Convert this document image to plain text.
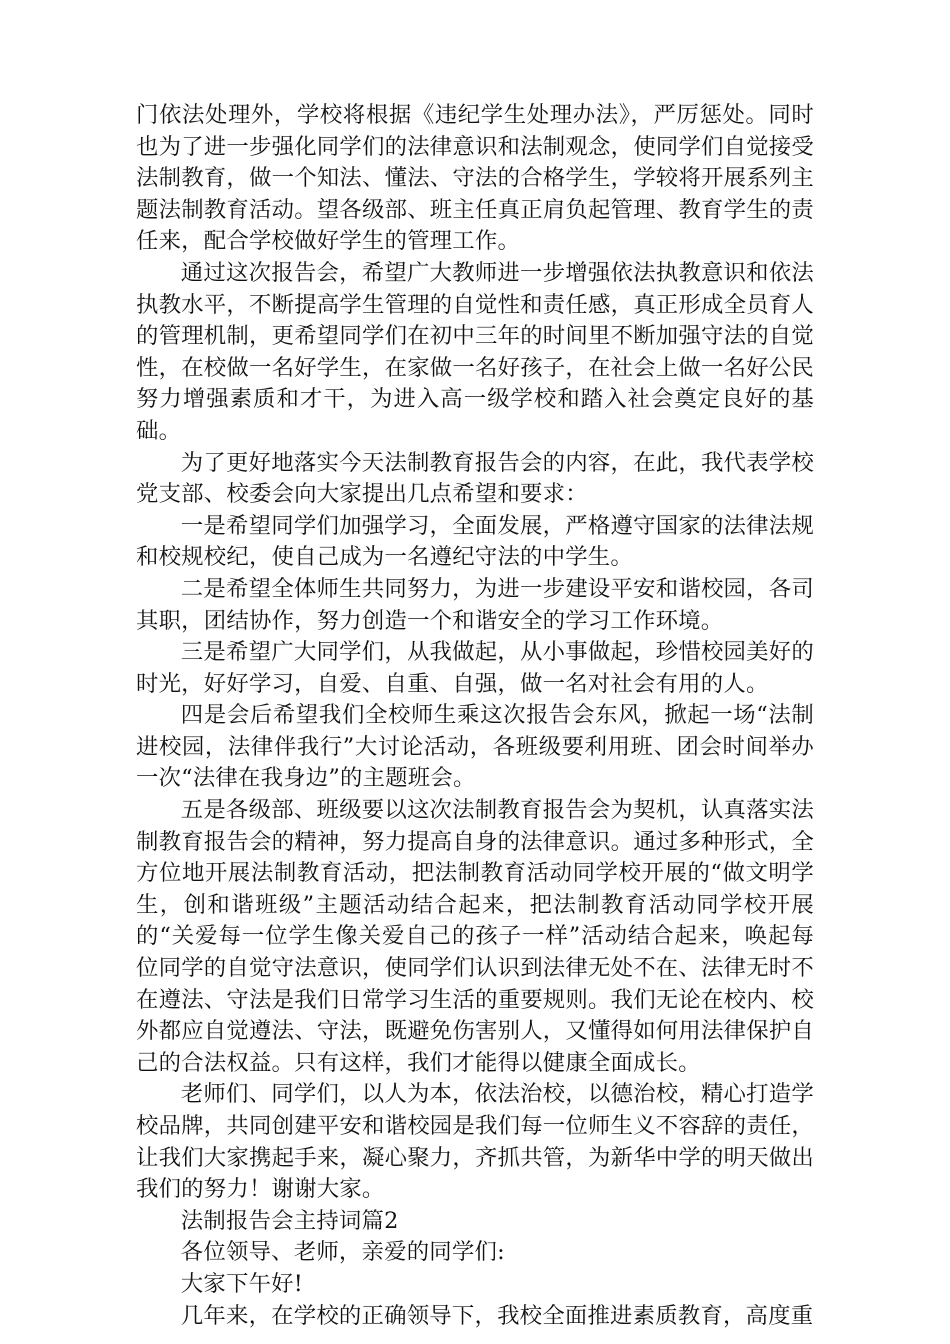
门依法处理外，学校将根据《违纪学生处理办法》，严厉惩处。同时也为了进一步强化同学们的法律意识和法制观念，使同学们自觉接受法制教育，做一个知法、懂法、守法的合格学生，学较将开展系列主题法制教育活动。望各级部、班主任真正肩负起管理、教育学生的责任来，配合学校做好学生的管理工作。

通过这次报告会，希望广大教师进一步增强依法执教意识和依法执教水平，不断提高学生管理的自觉性和责任感，真正形成全员育人的管理机制，更希望同学们在初中三年的时间里不断加强守法的自觉性，在校做一名好学生，在家做一名好孩子，在社会上做一名好公民努力增强素质和才干，为进入高一级学校和踏入社会奠定良好的基础。

为了更好地落实今天法制教育报告会的内容，在此，我代表学校党支部、校委会向大家提出几点希望和要求：

一是希望同学们加强学习，全面发展，严格遵守国家的法律法规和校规校纪，使自己成为一名遵纪守法的中学生。

二是希望全体师生共同努力，为进一步建设平安和谐校园，各司其职，团结协作，努力创造一个和谐安全的学习工作环境。

三是希望广大同学们，从我做起，从小事做起，珍惜校园美好的时光，好好学习，自爱、自重、自强，做一名对社会有用的人。

四是会后希望我们全校师生乘这次报告会东风，掀起一场“法制进校园，法律伴我行”大讨论活动，各班级要利用班、团会时间举办一次“法律在我身边”的主题班会。

五是各级部、班级要以这次法制教育报告会为契机，认真落实法制教育报告会的精神，努力提高自身的法律意识。通过多种形式，全方位地开展法制教育活动，把法制教育活动同学校开展的“做文明学生，创和谐班级”主题活动结合起来，把法制教育活动同学校开展的“关爱每一位学生像关爱自己的孩子一样”活动结合起来，唤起每位同学的自觉守法意识，使同学们认识到法律无处不在、法律无时不在遵法、守法是我们日常学习生活的重要规则。我们无论在校内、校外都应自觉遵法、守法，既避免伤害别人，又懂得如何用法律保护自己的合法权益。只有这样，我们才能得以健康全面成长。

老师们、同学们，以人为本，依法治校，以德治校，精心打造学校品牌，共同创建平安和谐校园是我们每一位师生义不容辞的责任，让我们大家携起手来，凝心聚力，齐抓共管，为新华中学的明天做出我们的努力！谢谢大家。

法制报告会主持词篇2

各位领导、老师，亲爱的同学们:

大家下午好!

几年来，在学校的正确领导下，我校全面推进素质教育，高度重
